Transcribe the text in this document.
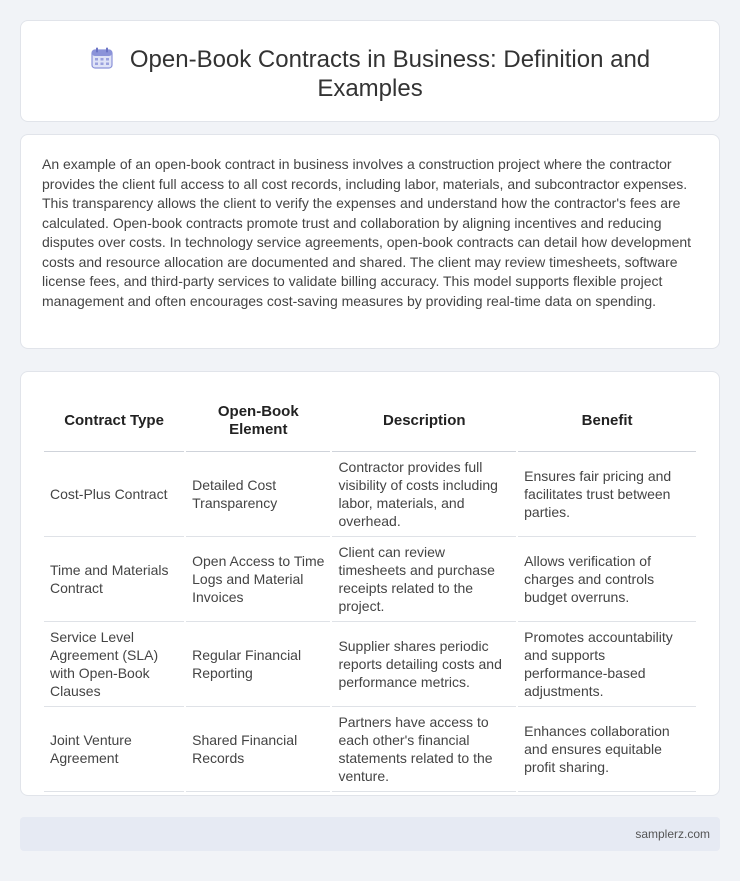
Open-Book Contracts in Business: Definition and Examples

An example of an open-book contract in business involves a construction project where the contractor provides the client full access to all cost records, including labor, materials, and subcontractor expenses. This transparency allows the client to verify the expenses and understand how the contractor's fees are calculated. Open-book contracts promote trust and collaboration by aligning incentives and reducing disputes over costs. In technology service agreements, open-book contracts can detail how development costs and resource allocation are documented and shared. The client may review timesheets, software license fees, and third-party services to validate billing accuracy. This model supports flexible project management and often encourages cost-saving measures by providing real-time data on spending.

Contract Type	Open-Book Element	Description	Benefit
Cost-Plus Contract	Detailed Cost Transparency	Contractor provides full visibility of costs including labor, materials, and overhead.	Ensures fair pricing and facilitates trust between parties.
Time and Materials Contract	Open Access to Time Logs and Material Invoices	Client can review timesheets and purchase receipts related to the project.	Allows verification of charges and controls budget overruns.
Service Level Agreement (SLA) with Open-Book Clauses	Regular Financial Reporting	Supplier shares periodic reports detailing costs and performance metrics.	Promotes accountability and supports performance-based adjustments.
Joint Venture Agreement	Shared Financial Records	Partners have access to each other's financial statements related to the venture.	Enhances collaboration and ensures equitable profit sharing.
samplerz.com
